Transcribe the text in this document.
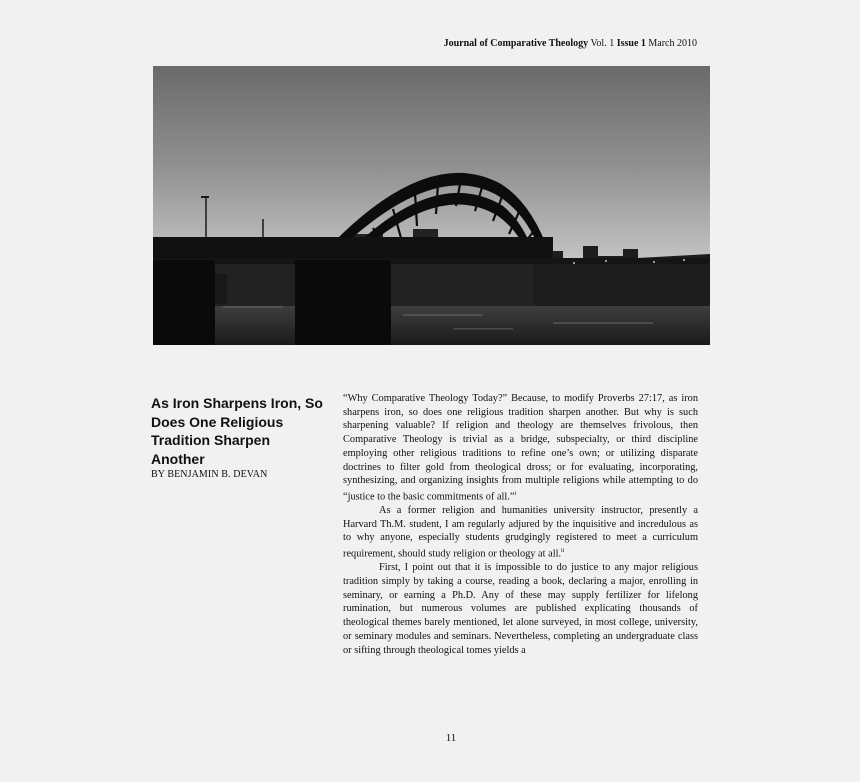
Journal of Comparative Theology Vol. 1 Issue 1 March 2010
As Iron Sharpens Iron, So Does One Religious Tradition Sharpen Another
BY BENJAMIN B. DEVAN

“Why Comparative Theology Today?” Because, to modify Proverbs 27:17, as iron sharpens iron, so does one religious tradition sharpen another. But why is such sharpening valuable? If religion and theology are themselves frivolous, then Comparative Theology is trivial as a bridge, subspecialty, or third discipline employing other religious traditions to refine one’s own; or utilizing disparate doctrines to filter gold from theological dross; or for evaluating, incorporating, synthesizing, and organizing insights from multiple religions while attempting to do “justice to the basic commitments of all.”$^i$

As a former religion and humanities university instructor, presently a Harvard Th.M. student, I am regularly adjured by the inquisitive and incredulous as to why anyone, especially students grudgingly registered to meet a curriculum requirement, should study religion or theology at all.$^{ii}$

First, I point out that it is impossible to do justice to any major religious tradition simply by taking a course, reading a book, declaring a major, enrolling in seminary, or earning a Ph.D. Any of these may supply fertilizer for lifelong rumination, but numerous volumes are published explicating thousands of theological themes barely mentioned, let alone surveyed, in most college, university, or seminary modules and seminars. Nevertheless, completing an undergraduate class or sifting through theological tomes yields a

11
